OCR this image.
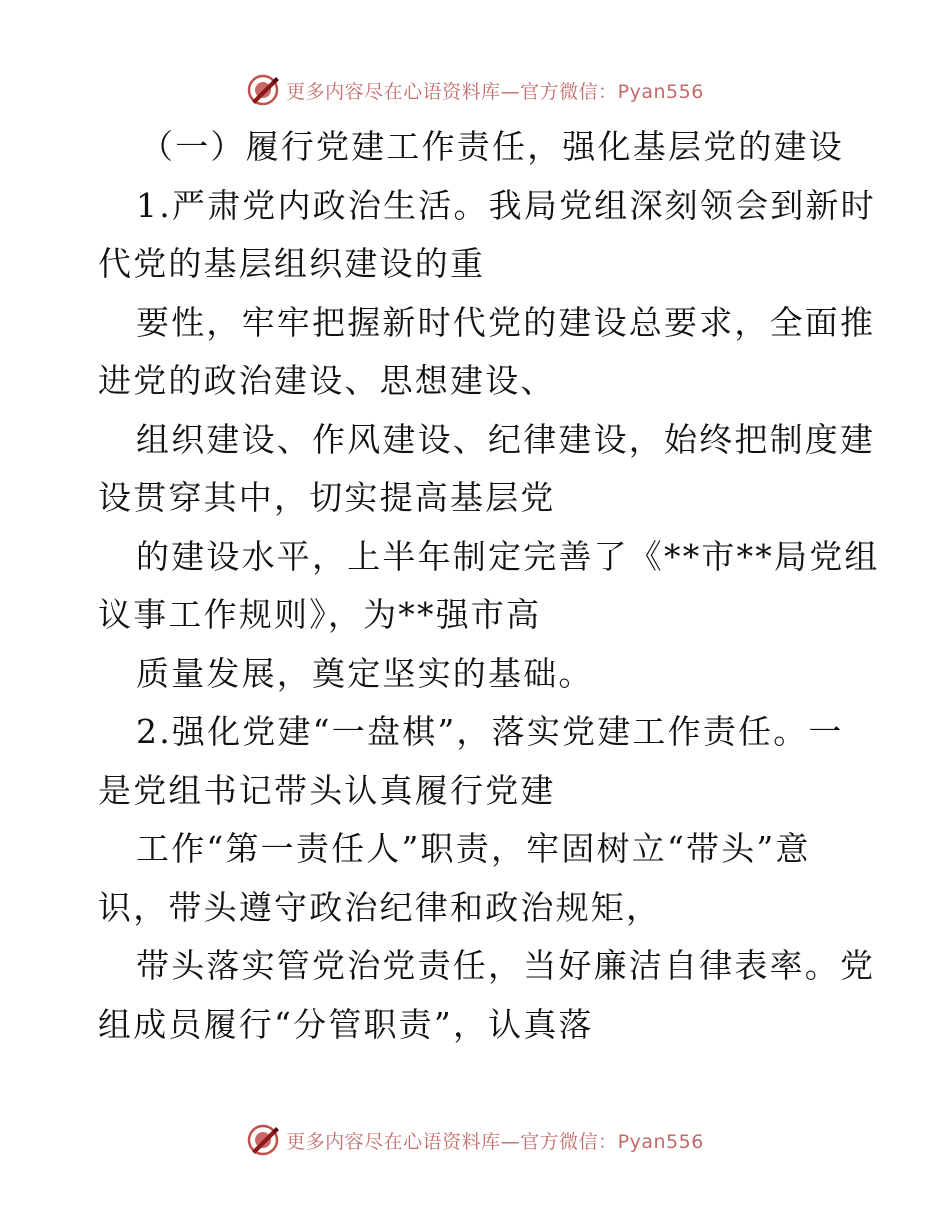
更多内容尽在心语资料库—官方微信：Pyan556
（一）履行党建工作责任，强化基层党的建设
1.严肃党内政治生活。我局党组深刻领会到新时
代党的基层组织建设的重
要性，牢牢把握新时代党的建设总要求，全面推
进党的政治建设、思想建设、
组织建设、作风建设、纪律建设，始终把制度建
设贯穿其中，切实提高基层党
的建设水平，上半年制定完善了《**市**局党组
议事工作规则》，为**强市高
质量发展，奠定坚实的基础。
2.强化党建“一盘棋”，落实党建工作责任。一
是党组书记带头认真履行党建
工作“第一责任人”职责，牢固树立“带头”意
识，带头遵守政治纪律和政治规矩，
带头落实管党治党责任，当好廉洁自律表率。党
组成员履行“分管职责”，认真落
更多内容尽在心语资料库—官方微信：Pyan556
